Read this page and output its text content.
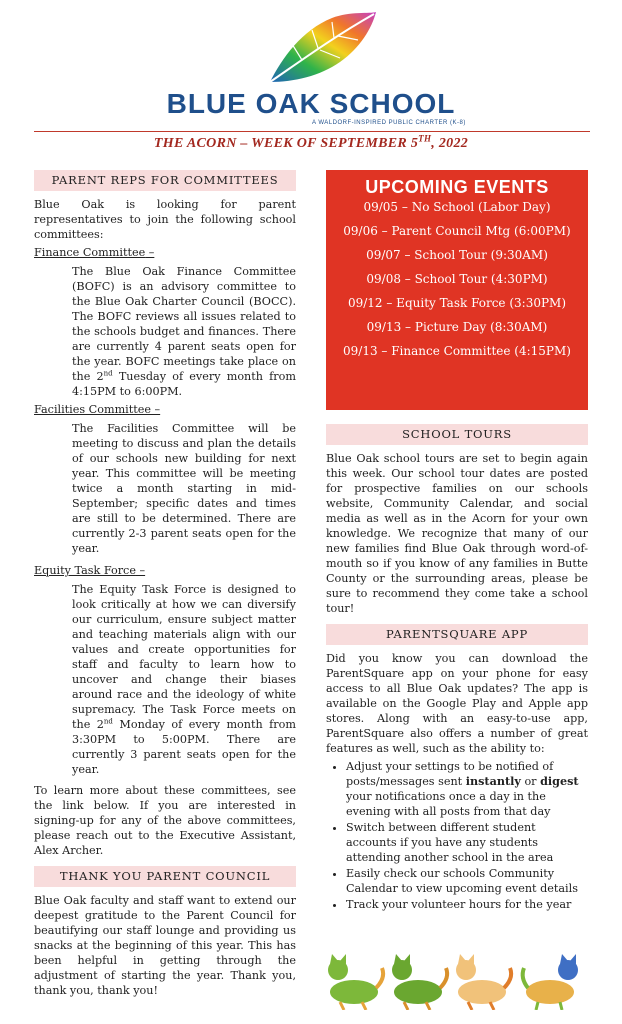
BLUE OAK SCHOOL
A WALDORF-INSPIRED PUBLIC CHARTER (K-8)
THE ACORN – WEEK OF SEPTEMBER 5TH, 2022
PARENT REPS FOR COMMITTEES

Blue Oak is looking for parent representatives to join the following school committees:

Finance Committee –

The Blue Oak Finance Committee (BOFC) is an advisory committee to the Blue Oak Charter Council (BOCC). The BOFC reviews all issues related to the schools budget and finances. There are currently 4 parent seats open for the year. BOFC meetings take place on the 2nd Tuesday of every month from 4:15PM to 6:00PM.

Facilities Committee –

The Facilities Committee will be meeting to discuss and plan the details of our schools new building for next year. This committee will be meeting twice a month starting in mid-September; specific dates and times are still to be determined. There are currently 2-3 parent seats open for the year.

Equity Task Force –

The Equity Task Force is designed to look critically at how we can diversify our curriculum, ensure subject matter and teaching materials align with our values and create opportunities for staff and faculty to learn how to uncover and change their biases around race and the ideology of white supremacy. The Task Force meets on the 2nd Monday of every month from 3:30PM to 5:00PM. There are currently 3 parent seats open for the year.

To learn more about these committees, see the link below. If you are interested in signing-up for any of the above committees, please reach out to the Executive Assistant, Alex Archer.

THANK YOU PARENT COUNCIL

Blue Oak faculty and staff want to extend our deepest gratitude to the Parent Council for beautifying our staff lounge and providing us snacks at the beginning of this year. This has been helpful in getting through the adjustment of starting the year. Thank you, thank you, thank you!

UPCOMING EVENTS

09/05 – No School (Labor Day)

09/06 – Parent Council Mtg (6:00PM)

09/07 – School Tour (9:30AM)

09/08 – School Tour (4:30PM)

09/12 – Equity Task Force (3:30PM)

09/13 – Picture Day (8:30AM)

09/13 – Finance Committee (4:15PM)

SCHOOL TOURS

Blue Oak school tours are set to begin again this week. Our school tour dates are posted for prospective families on our schools website, Community Calendar, and social media as well as in the Acorn for your own knowledge. We recognize that many of our new families find Blue Oak through word-of-mouth so if you know of any families in Butte County or the surrounding areas, please be sure to recommend they come take a school tour!

PARENTSQUARE APP

Did you know you can download the ParentSquare app on your phone for easy access to all Blue Oak updates? The app is available on the Google Play and Apple app stores. Along with an easy-to-use app, ParentSquare also offers a number of great features as well, such as the ability to:

• Adjust your settings to be notified of posts/messages sent instantly or digest your notifications once a day in the evening with all posts from that day
• Switch between different student accounts if you have any students attending another school in the area
• Easily check our schools Community Calendar to view upcoming event details
• Track your volunteer hours for the year
